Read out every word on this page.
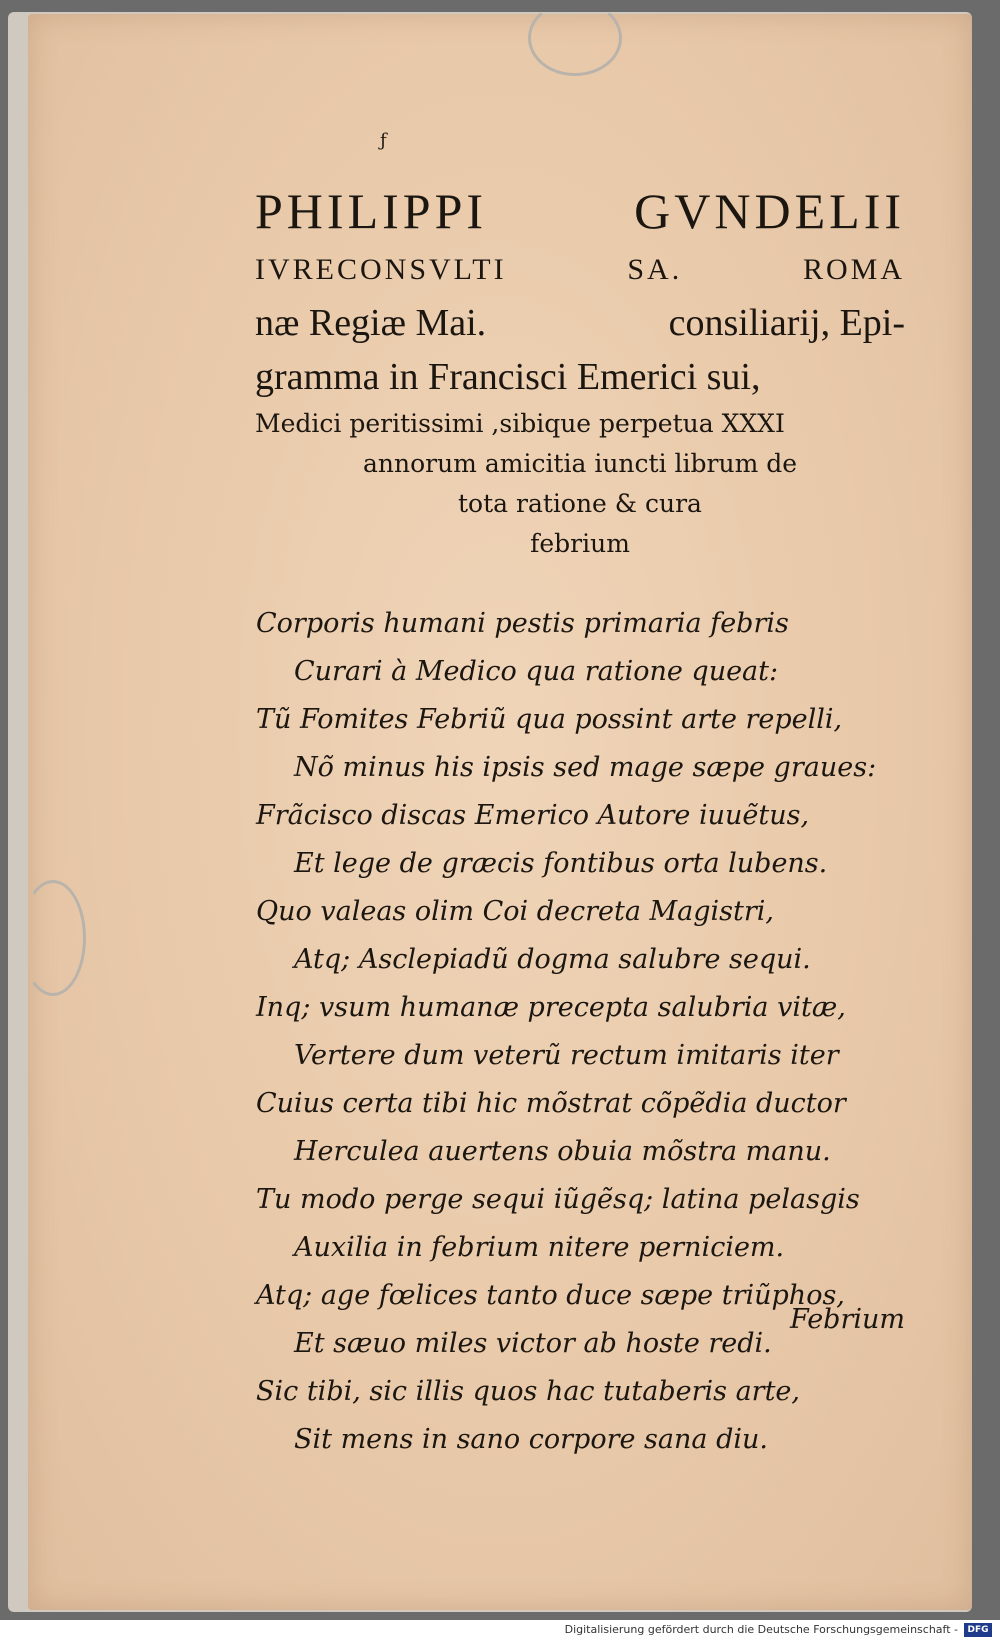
ƒ
PHILIPPI	GVNDELII
IVRECONSVLTI	SA.	ROMA
næ Regiæ Mai.	consiliarij, Epi-
gramma in Francisci Emerici sui,
Medici peritissimi ,sibique perpetua XXXI
annorum amicitia iuncti librum de
tota ratione & cura
febrium
Corporis humani pestis primaria febris
Curari à Medico qua ratione queat:
Tũ Fomites Febriũ qua possint arte repelli,
Nõ minus his ipsis sed mage sæpe graues:
Frãcisco discas Emerico Autore iuuẽtus,
Et lege de græcis fontibus orta lubens.
Quo valeas olim Coi decreta Magistri,
Atq; Asclepiadũ dogma salubre sequi.
Inq; vsum humanæ precepta salubria vitæ,
Vertere dum veterũ rectum imitaris iter
Cuius certa tibi hic mõstrat cõpẽdia ductor
Herculea auertens obuia mõstra manu.
Tu modo perge sequi iũgẽsq; latina pelasgis
Auxilia in febrium nitere perniciem.
Atq; age fœlices tanto duce sæpe triũphos,
Et sæuo miles victor ab hoste redi.
Sic tibi, sic illis quos hac tutaberis arte,
Sit mens in sano corpore sana diu.
Febrium
Digitalisierung gefördert durch die Deutsche Forschungsgemeinschaft -	DFG
